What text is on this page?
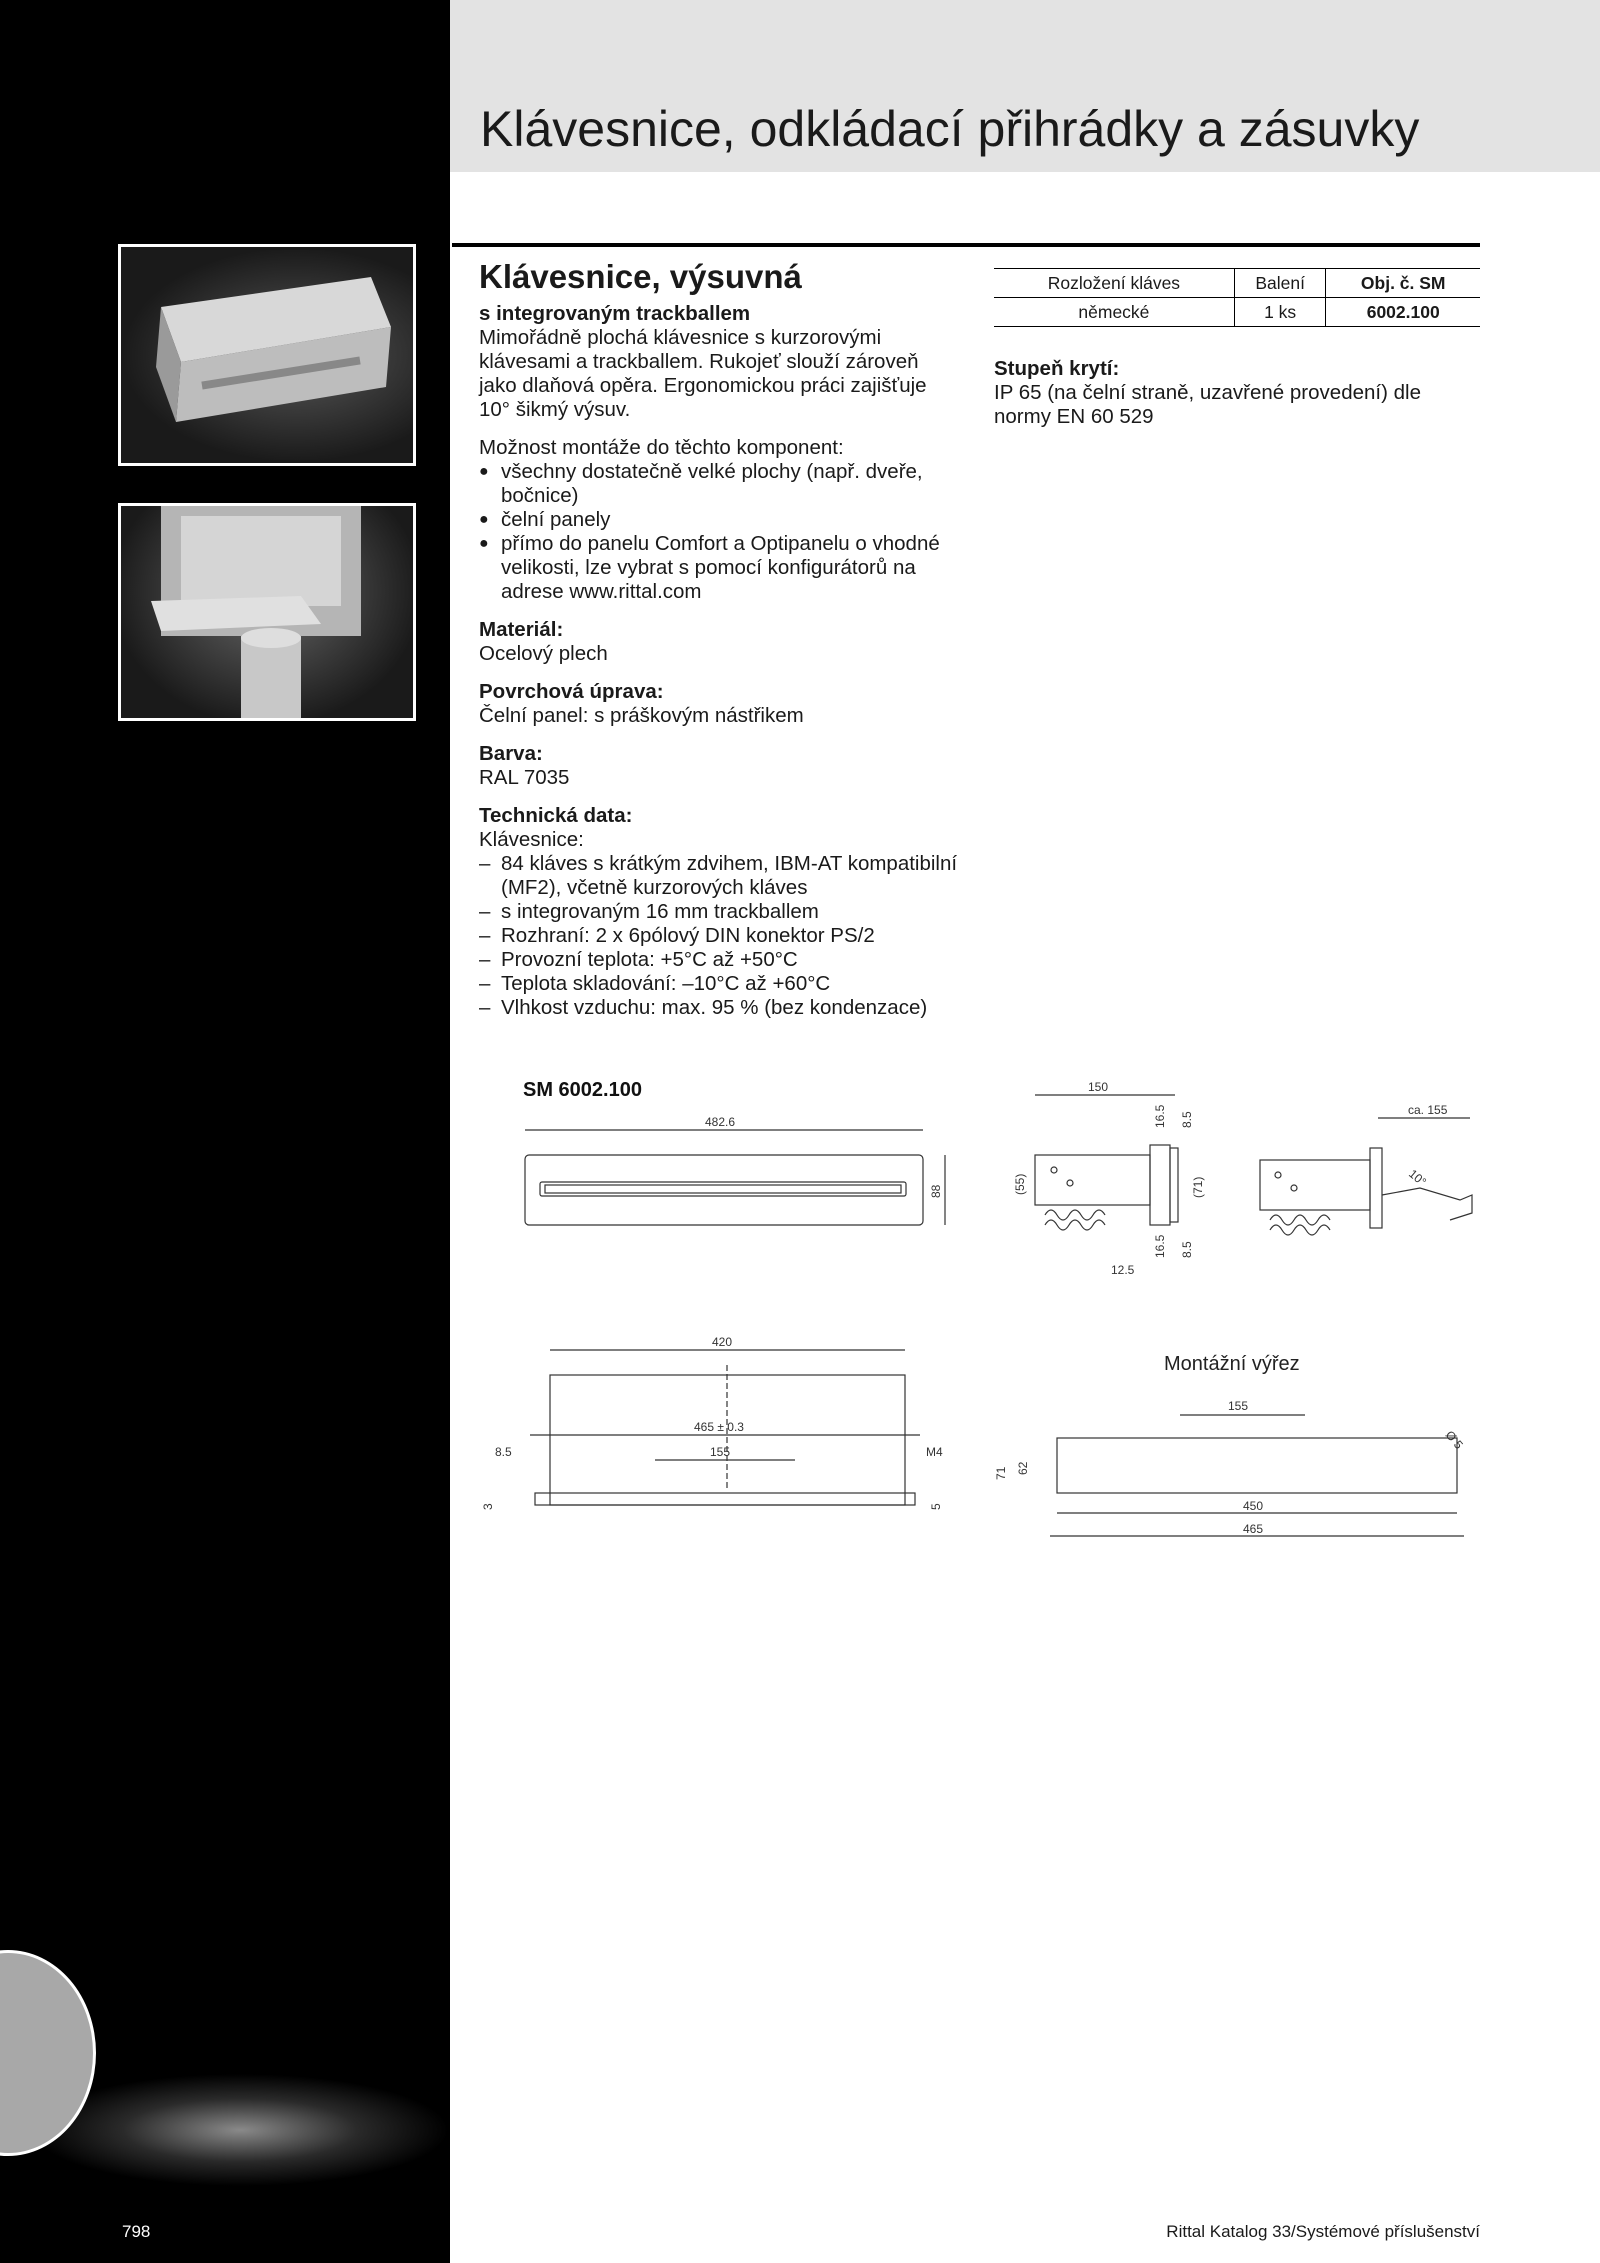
Klávesnice, odkládací přihrádky a zásuvky
Klávesnice, výsuvná
s integrovaným trackballem

Mimořádně plochá klávesnice s kurzorovými klávesami a trackballem. Rukojeť slouží zároveň jako dlaňová opěra. Ergonomickou práci zajišťuje 10° šikmý výsuv.

Možnost montáže do těchto komponent:
● všechny dostatečně velké plochy (např. dveře, bočnice)
● čelní panely
● přímo do panelu Comfort a Optipanelu o vhodné velikosti, lze vybrat s pomocí konfigurátorů na adrese www.rittal.com
Materiál:

Ocelový plech

Povrchová úprava:

Čelní panel: s práškovým nástřikem

Barva:

RAL 7035

Technická data:
Klávesnice:
– 84 kláves s krátkým zdvihem, IBM-AT kompatibilní (MF2), včetně kurzorových kláves
– s integrovaným 16 mm trackballem
– Rozhraní: 2 x 6pólový DIN konektor PS/2
– Provozní teplota: +5°C až +50°C
– Teplota skladování: –10°C až +60°C
– Vlhkost vzduchu: max. 95 % (bez kondenzace)
Rozložení kláves	Balení	Obj. č. SM
německé	1 ks	6002.100
Stupeň krytí:

IP 65 (na čelní straně, uzavřené provedení) dle normy EN 60 529

SM 6002.100
482.6
88
150
(55)
16.5 8.5
(71)
16.5 8.5
12.5
ca. 155
10°
420
465 ± 0.3
155
8.5	M4
3	5
Montážní výřez
155
71 62
450
465
Ø 5
798	Rittal Katalog 33/Systémové příslušenství
